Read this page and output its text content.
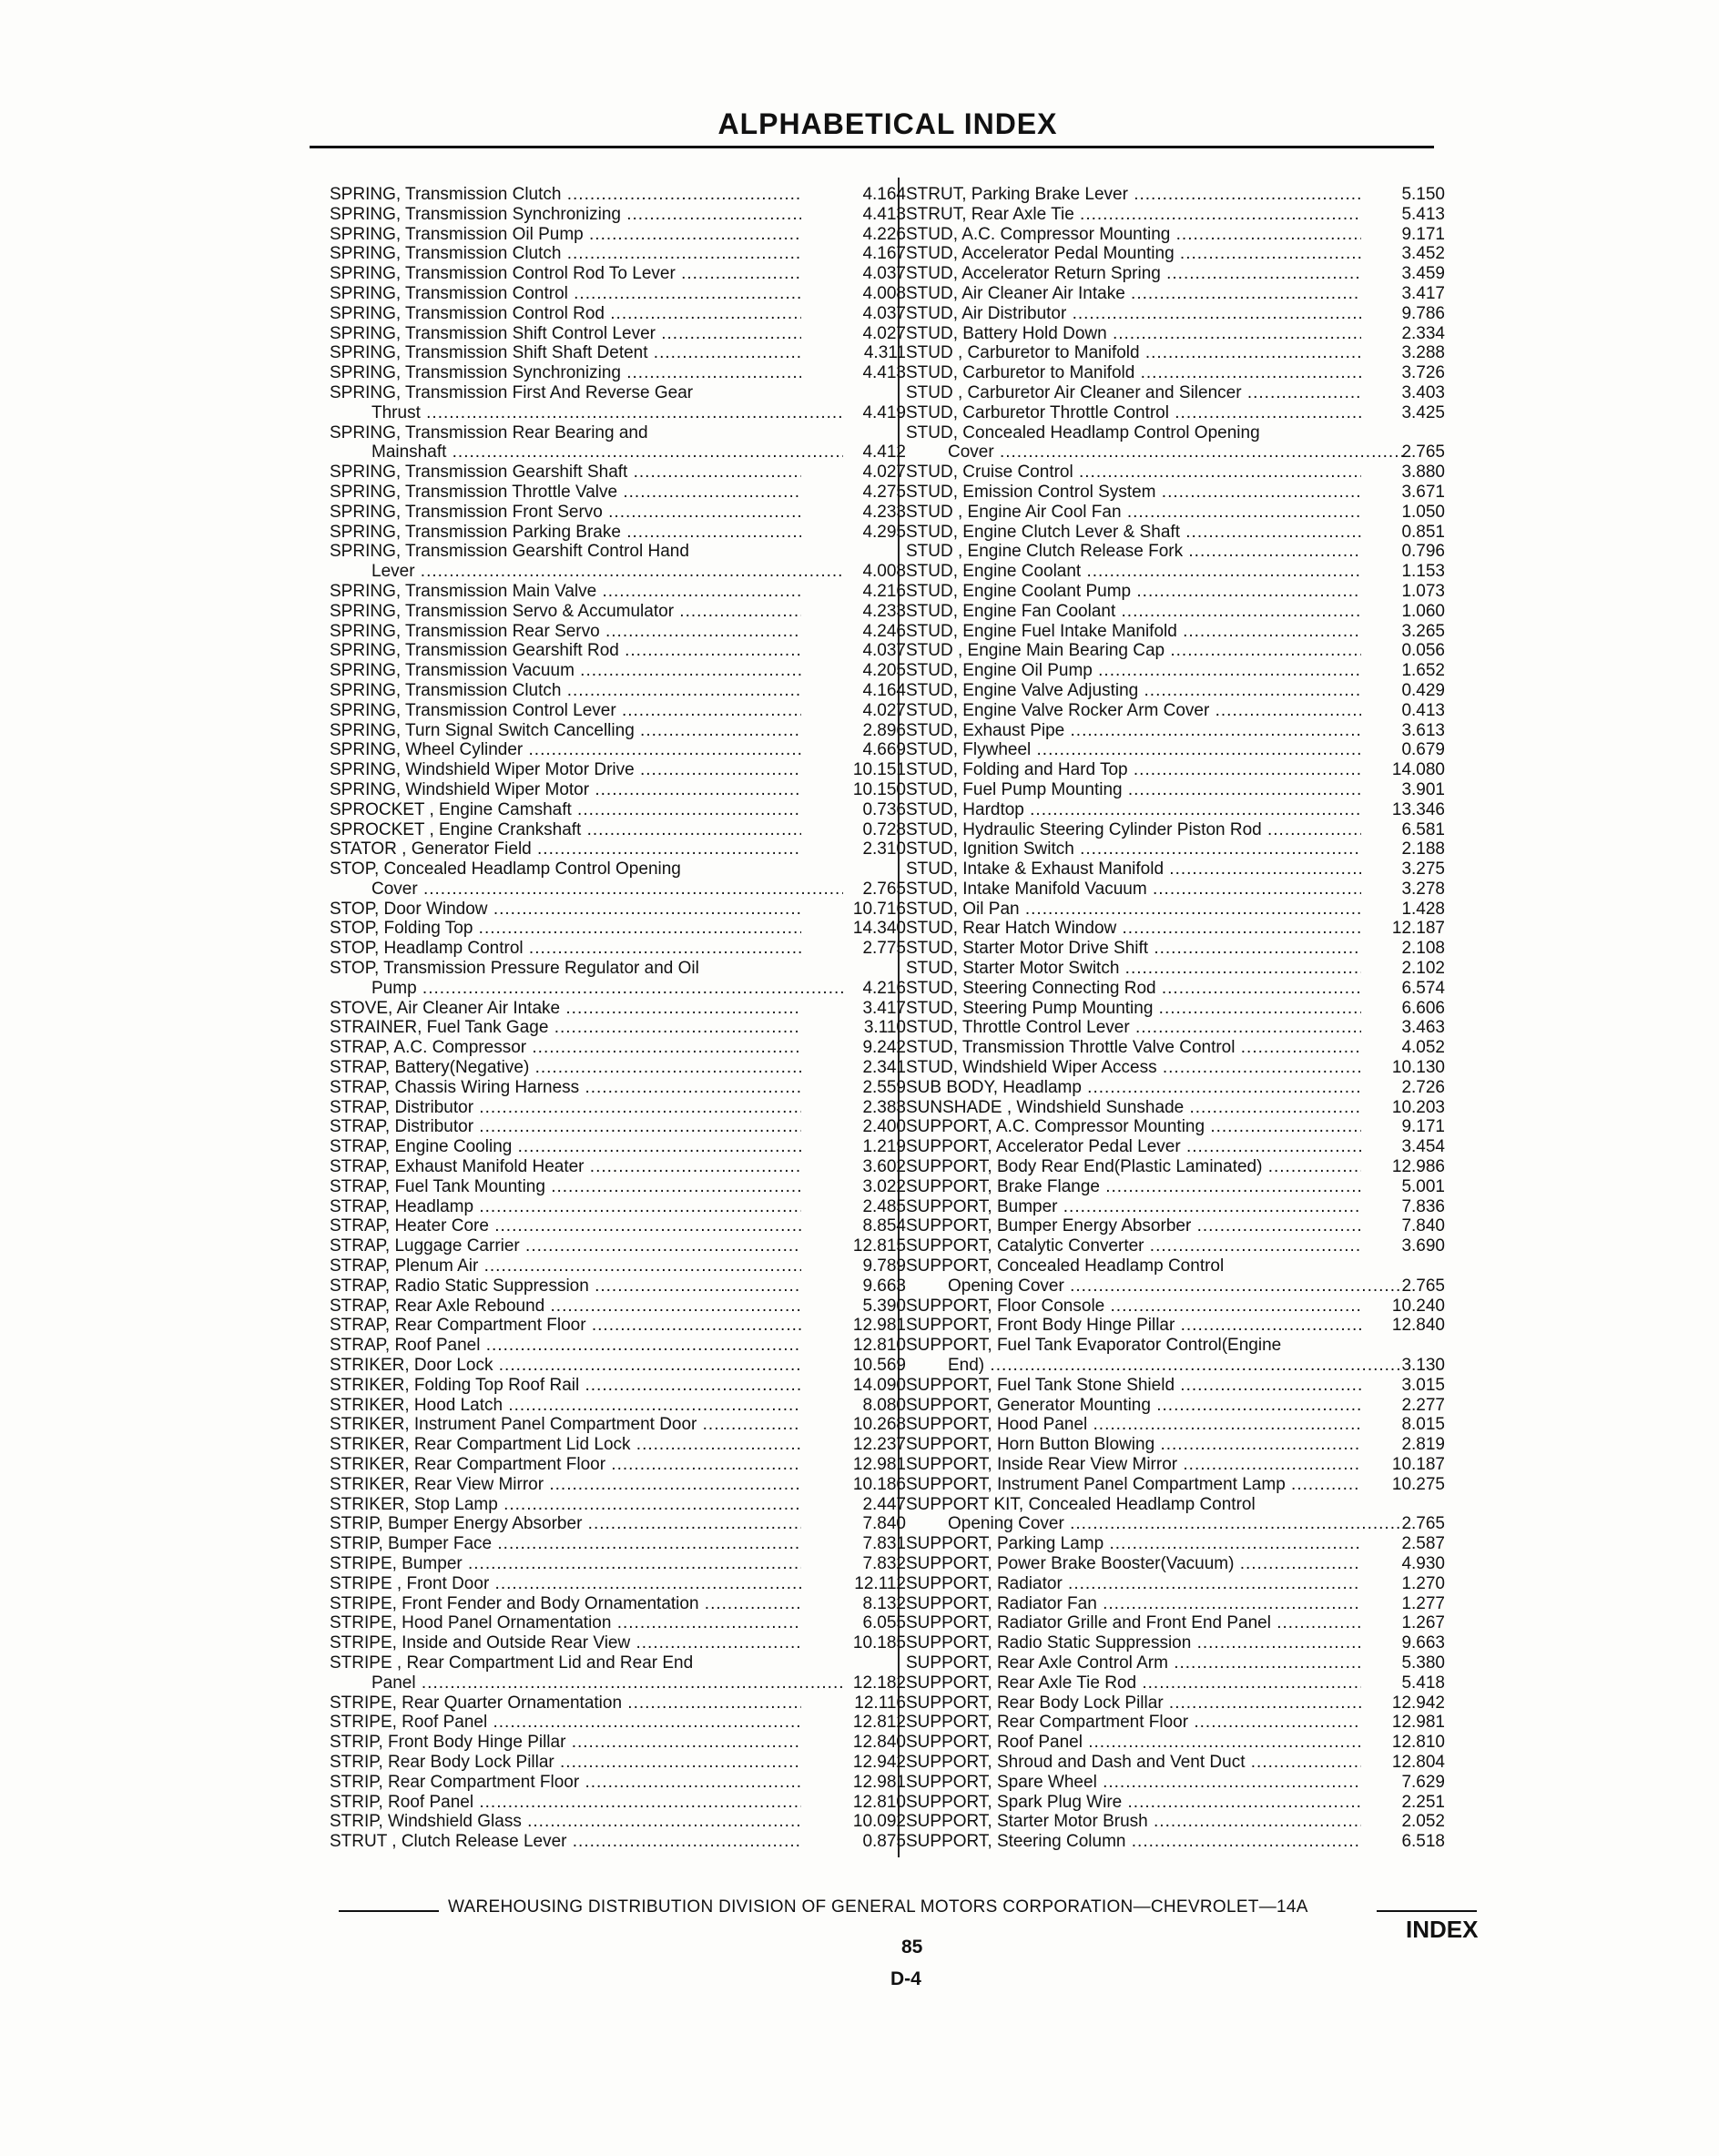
ALPHABETICAL INDEX
SPRING, Transmission Clutch .....	4.164
SPRING, Transmission Synchronizing .....	4.413
SPRING, Transmission Oil Pump .....	4.226
SPRING, Transmission Clutch .....	4.167
SPRING, Transmission Control Rod To Lever .....	4.037
SPRING, Transmission Control .....	4.008
SPRING, Transmission Control Rod .....	4.037
SPRING, Transmission Shift Control Lever .....	4.027
SPRING, Transmission Shift Shaft Detent .....	4.311
SPRING, Transmission Synchronizing .....	4.413
SPRING, Transmission First And Reverse Gear
Thrust .....	4.419
SPRING, Transmission Rear Bearing and
Mainshaft .....	4.412
SPRING, Transmission Gearshift Shaft .....	4.027
SPRING, Transmission Throttle Valve .....	4.275
SPRING, Transmission Front Servo .....	4.233
SPRING, Transmission Parking Brake .....	4.295
SPRING, Transmission Gearshift Control Hand
Lever .....	4.008
SPRING, Transmission Main Valve .....	4.216
SPRING, Transmission Servo & Accumulator .....	4.233
SPRING, Transmission Rear Servo .....	4.246
SPRING, Transmission Gearshift Rod .....	4.037
SPRING, Transmission Vacuum .....	4.205
SPRING, Transmission Clutch .....	4.164
SPRING, Transmission Control Lever .....	4.027
SPRING, Turn Signal Switch Cancelling .....	2.896
SPRING, Wheel Cylinder .....	4.669
SPRING, Windshield Wiper Motor Drive .....	10.151
SPRING, Windshield Wiper Motor .....	10.150
SPROCKET , Engine Camshaft .....	0.736
SPROCKET , Engine Crankshaft .....	0.728
STATOR , Generator Field .....	2.310
STOP, Concealed Headlamp Control Opening
Cover .....	2.765
STOP, Door Window .....	10.716
STOP, Folding Top .....	14.340
STOP, Headlamp Control .....	2.775
STOP, Transmission Pressure Regulator and Oil
Pump .....	4.216
STOVE, Air Cleaner Air Intake .....	3.417
STRAINER, Fuel Tank Gage .....	3.110
STRAP, A.C. Compressor .....	9.242
STRAP, Battery(Negative) .....	2.341
STRAP, Chassis Wiring Harness .....	2.559
STRAP, Distributor .....	2.383
STRAP, Distributor .....	2.400
STRAP, Engine Cooling .....	1.219
STRAP, Exhaust Manifold Heater .....	3.602
STRAP, Fuel Tank Mounting .....	3.022
STRAP, Headlamp .....	2.485
STRAP, Heater Core .....	8.854
STRAP, Luggage Carrier .....	12.815
STRAP, Plenum Air .....	9.789
STRAP, Radio Static Suppression .....	9.663
STRAP, Rear Axle Rebound .....	5.390
STRAP, Rear Compartment Floor .....	12.981
STRAP, Roof Panel .....	12.810
STRIKER, Door Lock .....	10.569
STRIKER, Folding Top Roof Rail .....	14.090
STRIKER, Hood Latch .....	8.080
STRIKER, Instrument Panel Compartment Door .....	10.268
STRIKER, Rear Compartment Lid Lock .....	12.237
STRIKER, Rear Compartment Floor .....	12.981
STRIKER, Rear View Mirror .....	10.186
STRIKER, Stop Lamp .....	2.447
STRIP, Bumper Energy Absorber .....	7.840
STRIP, Bumper Face .....	7.831
STRIPE, Bumper .....	7.832
STRIPE , Front Door .....	12.112
STRIPE, Front Fender and Body Ornamentation .....	8.132
STRIPE, Hood Panel Ornamentation .....	6.055
STRIPE, Inside and Outside Rear View .....	10.185
STRIPE , Rear Compartment Lid and Rear End
Panel .....	12.182
STRIPE, Rear Quarter Ornamentation .....	12.116
STRIPE, Roof Panel .....	12.812
STRIP, Front Body Hinge Pillar .....	12.840
STRIP, Rear Body Lock Pillar .....	12.942
STRIP, Rear Compartment Floor .....	12.981
STRIP, Roof Panel .....	12.810
STRIP, Windshield Glass .....	10.092
STRUT , Clutch Release Lever .....	0.875
STRUT, Parking Brake Lever .....	5.150
STRUT, Rear Axle Tie .....	5.413
STUD, A.C. Compressor Mounting .....	9.171
STUD, Accelerator Pedal Mounting .....	3.452
STUD, Accelerator Return Spring .....	3.459
STUD, Air Cleaner Air Intake .....	3.417
STUD, Air Distributor .....	9.786
STUD, Battery Hold Down .....	2.334
STUD , Carburetor to Manifold .....	3.288
STUD, Carburetor to Manifold .....	3.726
STUD , Carburetor Air Cleaner and Silencer .....	3.403
STUD, Carburetor Throttle Control .....	3.425
STUD, Concealed Headlamp Control Opening
Cover .....	2.765
STUD, Cruise Control .....	3.880
STUD, Emission Control System .....	3.671
STUD , Engine Air Cool Fan .....	1.050
STUD, Engine Clutch Lever & Shaft .....	0.851
STUD , Engine Clutch Release Fork .....	0.796
STUD, Engine Coolant .....	1.153
STUD, Engine Coolant Pump .....	1.073
STUD, Engine Fan Coolant .....	1.060
STUD, Engine Fuel Intake Manifold .....	3.265
STUD , Engine Main Bearing Cap .....	0.056
STUD, Engine Oil Pump .....	1.652
STUD, Engine Valve Adjusting .....	0.429
STUD, Engine Valve Rocker Arm Cover .....	0.413
STUD, Exhaust Pipe .....	3.613
STUD, Flywheel .....	0.679
STUD, Folding and Hard Top .....	14.080
STUD, Fuel Pump Mounting .....	3.901
STUD, Hardtop .....	13.346
STUD, Hydraulic Steering Cylinder Piston Rod .....	6.581
STUD, Ignition Switch .....	2.188
STUD, Intake & Exhaust Manifold .....	3.275
STUD, Intake Manifold Vacuum .....	3.278
STUD, Oil Pan .....	1.428
STUD, Rear Hatch Window .....	12.187
STUD, Starter Motor Drive Shift .....	2.108
STUD, Starter Motor Switch .....	2.102
STUD, Steering Connecting Rod .....	6.574
STUD, Steering Pump Mounting .....	6.606
STUD, Throttle Control Lever .....	3.463
STUD, Transmission Throttle Valve Control .....	4.052
STUD, Windshield Wiper Access .....	10.130
SUB BODY, Headlamp .....	2.726
SUNSHADE , Windshield Sunshade .....	10.203
SUPPORT, A.C. Compressor Mounting .....	9.171
SUPPORT, Accelerator Pedal Lever .....	3.454
SUPPORT, Body Rear End(Plastic Laminated) .....	12.986
SUPPORT, Brake Flange .....	5.001
SUPPORT, Bumper .....	7.836
SUPPORT, Bumper Energy Absorber .....	7.840
SUPPORT, Catalytic Converter .....	3.690
SUPPORT, Concealed Headlamp Control
Opening Cover .....	2.765
SUPPORT, Floor Console .....	10.240
SUPPORT, Front Body Hinge Pillar .....	12.840
SUPPORT, Fuel Tank Evaporator Control(Engine
End) .....	3.130
SUPPORT, Fuel Tank Stone Shield .....	3.015
SUPPORT, Generator Mounting .....	2.277
SUPPORT, Hood Panel .....	8.015
SUPPORT, Horn Button Blowing .....	2.819
SUPPORT, Inside Rear View Mirror .....	10.187
SUPPORT, Instrument Panel Compartment Lamp .....	10.275
SUPPORT KIT, Concealed Headlamp Control
Opening Cover .....	2.765
SUPPORT, Parking Lamp .....	2.587
SUPPORT, Power Brake Booster(Vacuum) .....	4.930
SUPPORT, Radiator .....	1.270
SUPPORT, Radiator Fan .....	1.277
SUPPORT, Radiator Grille and Front End Panel .....	1.267
SUPPORT, Radio Static Suppression .....	9.663
SUPPORT, Rear Axle Control Arm .....	5.380
SUPPORT, Rear Axle Tie Rod .....	5.418
SUPPORT, Rear Body Lock Pillar .....	12.942
SUPPORT, Rear Compartment Floor .....	12.981
SUPPORT, Roof Panel .....	12.810
SUPPORT, Shroud and Dash and Vent Duct .....	12.804
SUPPORT, Spare Wheel .....	7.629
SUPPORT, Spark Plug Wire .....	2.251
SUPPORT, Starter Motor Brush .....	2.052
SUPPORT, Steering Column .....	6.518
WAREHOUSING DISTRIBUTION DIVISION OF GENERAL MOTORS CORPORATION—CHEVROLET—14A
INDEX
85
D-4
